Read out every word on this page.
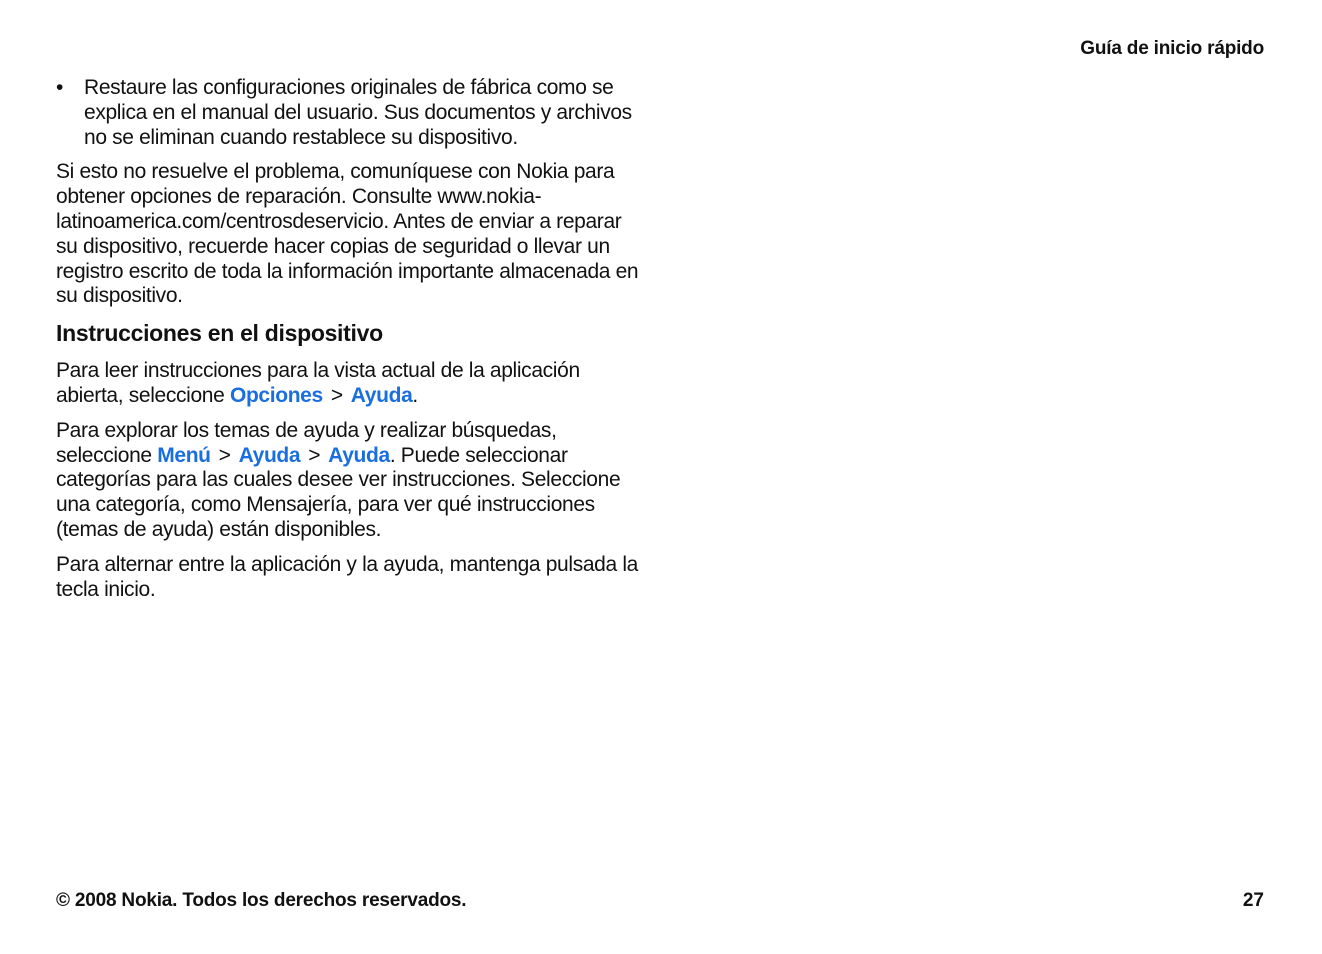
Guía de inicio rápido
• Restaure las configuraciones originales de fábrica como se explica en el manual del usuario. Sus documentos y archivos no se eliminan cuando restablece su dispositivo.

Si esto no resuelve el problema, comuníquese con Nokia para obtener opciones de reparación. Consulte www.nokia-latinoamerica.com/centrosdeservicio. Antes de enviar a reparar su dispositivo, recuerde hacer copias de seguridad o llevar un registro escrito de toda la información importante almacenada en su dispositivo.

Instrucciones en el dispositivo

Para leer instrucciones para la vista actual de la aplicación abierta, seleccione Opciones > Ayuda.

Para explorar los temas de ayuda y realizar búsquedas, seleccione Menú > Ayuda > Ayuda. Puede seleccionar categorías para las cuales desee ver instrucciones. Seleccione una categoría, como Mensajería, para ver qué instrucciones (temas de ayuda) están disponibles.

Para alternar entre la aplicación y la ayuda, mantenga pulsada la tecla inicio.

© 2008 Nokia. Todos los derechos reservados.	27
